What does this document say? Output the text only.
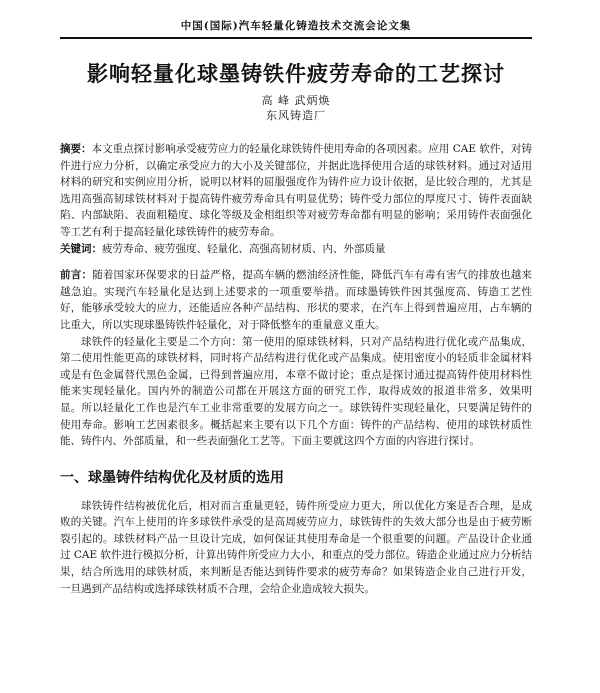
中国(国际)汽车轻量化铸造技术交流会论文集
影响轻量化球墨铸铁件疲劳寿命的工艺探讨
高 峰 武炳焕
东风铸造厂
摘要：本文重点探讨影响承受疲劳应力的轻量化球铁铸件使用寿命的各项因素。应用 CAE 软件，对铸件进行应力分析，以确定承受应力的大小及关键部位，并据此选择使用合适的球铁材料。通过对适用材料的研究和实例应用分析，说明以材料的屈服强度作为铸件应力设计依据，是比较合理的，尤其是选用高强高韧球铁材料对于提高铸件疲劳寿命具有明显优势；铸件受力部位的厚度尺寸、铸件表面缺陷、内部缺陷、表面粗糙度、球化等级及金相组织等对疲劳寿命都有明显的影响；采用铸件表面强化等工艺有利于提高轻量化球铁铸件的疲劳寿命。
关键词：疲劳寿命、疲劳强度、轻量化、高强高韧材质、内、外部质量
前言：随着国家环保要求的日益严格，提高车辆的燃油经济性能，降低汽车有毒有害气的排放也越来越急迫。实现汽车轻量化是达到上述要求的一项重要举措。而球墨铸铁件因其强度高、铸造工艺性好，能够承受较大的应力，还能适应各种产品结构、形状的要求，在汽车上得到普遍应用，占车辆的比重大，所以实现球墨铸铁件轻量化，对于降低整车的重量意义重大。
球铁件的轻量化主要是二个方向：第一使用的原球铁材料，只对产品结构进行优化或产品集成，第二使用性能更高的球铁材料，同时将产品结构进行优化或产品集成。使用密度小的轻质非金属材料或是有色金属替代黑色金属，已得到普遍应用，本章不做讨论；重点是探讨通过提高铸件使用材料性能来实现轻量化。国内外的制造公司都在开展这方面的研究工作，取得成效的报道非常多，效果明显。所以轻量化工作也是汽车工业非常重要的发展方向之一。球铁铸件实现轻量化，只要满足铸件的使用寿命。影响工艺因素很多。概括起来主要有以下几个方面：铸件的产品结构、使用的球铁材质性能、铸件内、外部质量，和一些表面强化工艺等。下面主要就这四个方面的内容进行探讨。
一、球墨铸件结构优化及材质的选用
球铁铸件结构被优化后，相对而言重量更轻，铸件所受应力更大，所以优化方案是否合理，是成败的关键。汽车上使用的许多球铁件承受的是高周疲劳应力，球铁铸件的失效大部分也是由于疲劳断裂引起的。球铁材料产品一旦设计完成，如何保证其使用寿命是一个很重要的问题。产品设计企业通过 CAE 软件进行模拟分析，计算出铸件所受应力大小，和重点的受力部位。铸造企业通过应力分析结果，结合所选用的球铁材质，来判断是否能达到铸件要求的疲劳寿命？如果铸造企业自己进行开发，一旦遇到产品结构或选择球铁材质不合理，会给企业造成较大损失。
